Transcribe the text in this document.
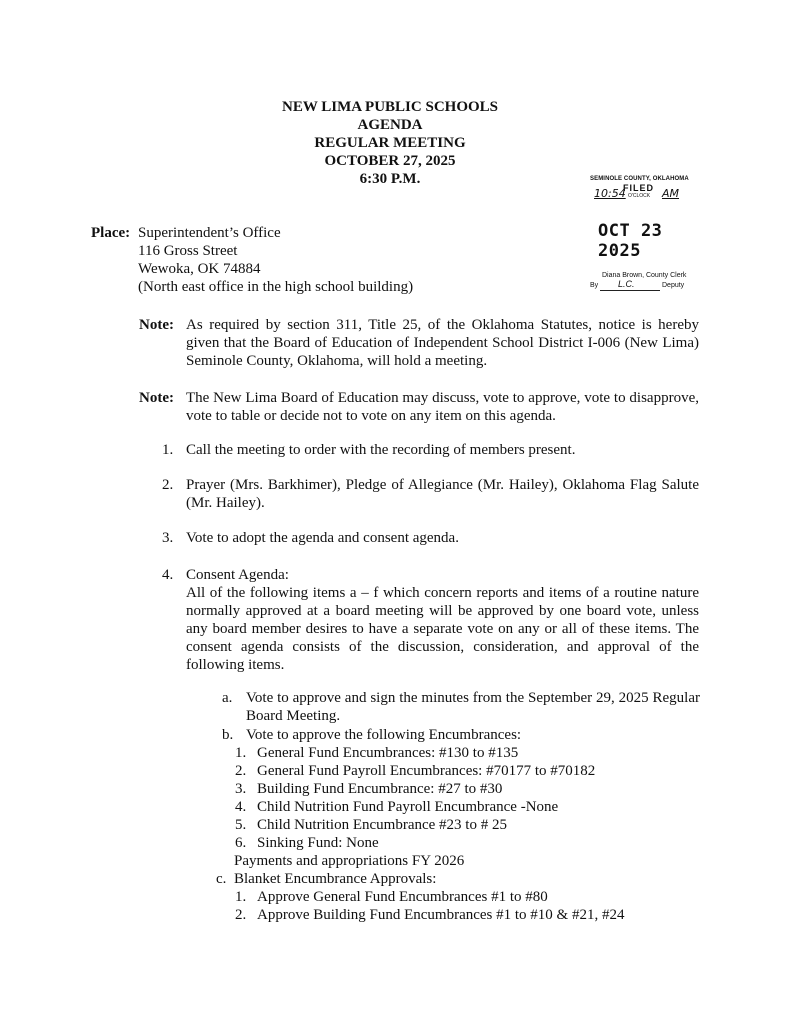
NEW LIMA PUBLIC SCHOOLS
AGENDA
REGULAR MEETING
OCTOBER 27, 2025
6:30 P.M.	SEMINOLE COUNTY, OKLAHOMA
10:54
FILED
O'CLOCK AM
OCT 23 2025
Diana Brown, County Clerk
By L.C.	Deputy
Place: Superintendent’s Office
116 Gross Street
Wewoka, OK 74884
(North east office in the high school building)
Note: As required by section 311, Title 25, of the Oklahoma Statutes, notice is hereby given that the Board of Education of Independent School District I-006 (New Lima) Seminole County, Oklahoma, will hold a meeting.
Note: The New Lima Board of Education may discuss, vote to approve, vote to disapprove, vote to table or decide not to vote on any item on this agenda.
1. Call the meeting to order with the recording of members present.
2. Prayer (Mrs. Barkhimer), Pledge of Allegiance (Mr. Hailey), Oklahoma Flag Salute (Mr. Hailey).
3. Vote to adopt the agenda and consent agenda.
4. Consent Agenda:
All of the following items a – f which concern reports and items of a routine nature normally approved at a board meeting will be approved by one board vote, unless any board member desires to have a separate vote on any or all of these items. The consent agenda consists of the discussion, consideration, and approval of the following items.
a. Vote to approve and sign the minutes from the September 29, 2025 Regular Board Meeting.
b. Vote to approve the following Encumbrances:
1. General Fund Encumbrances: #130 to #135
2. General Fund Payroll Encumbrances: #70177 to #70182
3. Building Fund Encumbrance: #27 to #30
4. Child Nutrition Fund Payroll Encumbrance -None
5. Child Nutrition Encumbrance #23 to # 25
6. Sinking Fund: None
Payments and appropriations FY 2026
c. Blanket Encumbrance Approvals:
1. Approve General Fund Encumbrances #1 to #80
2. Approve Building Fund Encumbrances #1 to #10 & #21, #24
